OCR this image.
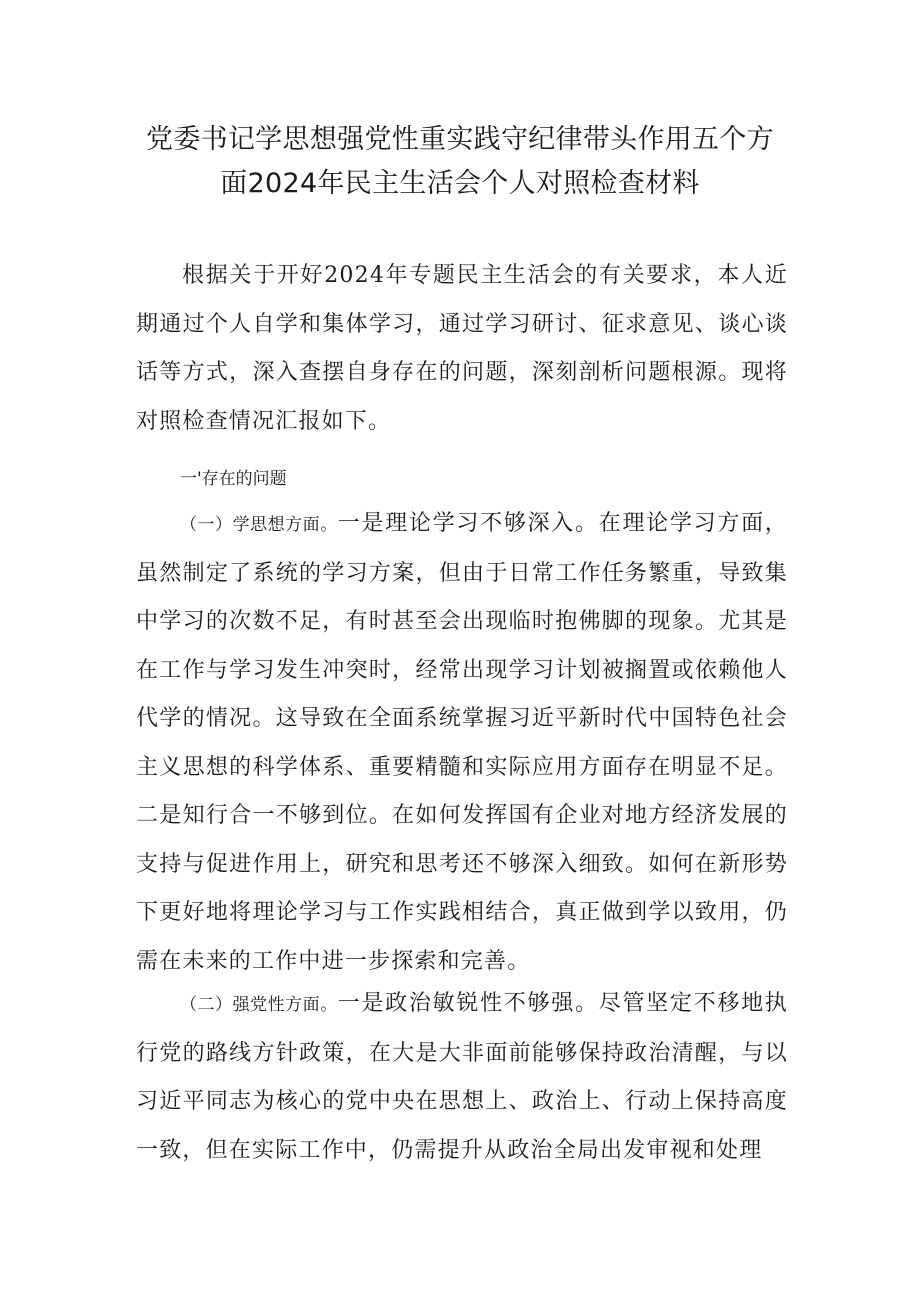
党委书记学思想强党性重实践守纪律带头作用五个方
面2024年民主生活会个人对照检查材料

根据关于开好2024年专题民主生活会的有关要求，本人近期通过个人自学和集体学习，通过学习研讨、征求意见、谈心谈话等方式，深入查摆自身存在的问题，深刻剖析问题根源。现将对照检查情况汇报如下。

一'存在的问题

（一）学思想方面。一是理论学习不够深入。在理论学习方面，虽然制定了系统的学习方案，但由于日常工作任务繁重，导致集中学习的次数不足，有时甚至会出现临时抱佛脚的现象。尤其是在工作与学习发生冲突时，经常出现学习计划被搁置或依赖他人代学的情况。这导致在全面系统掌握习近平新时代中国特色社会主义思想的科学体系、重要精髓和实际应用方面存在明显不足。二是知行合一不够到位。在如何发挥国有企业对地方经济发展的支持与促进作用上，研究和思考还不够深入细致。如何在新形势下更好地将理论学习与工作实践相结合，真正做到学以致用，仍需在未来的工作中进一步探索和完善。

（二）强党性方面。一是政治敏锐性不够强。尽管坚定不移地执行党的路线方针政策，在大是大非面前能够保持政治清醒，与以习近平同志为核心的党中央在思想上、政治上、行动上保持高度一致，但在实际工作中，仍需提升从政治全局出发审视和处理
